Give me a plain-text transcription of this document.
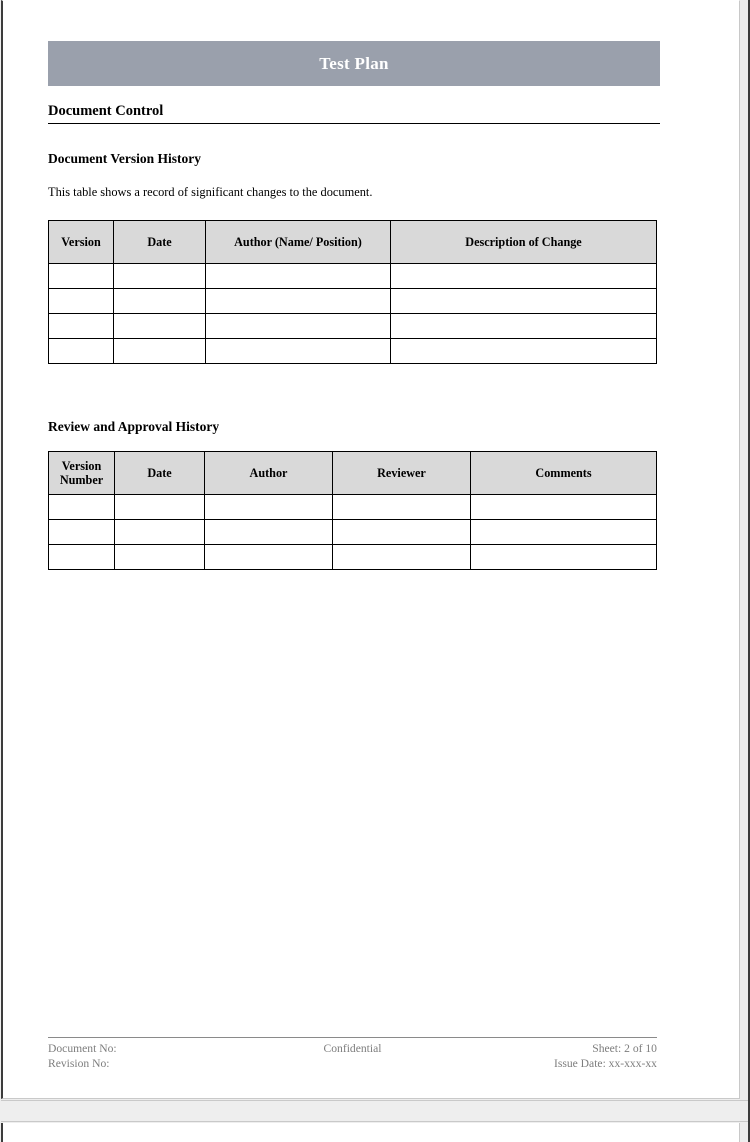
Test Plan
Document Control
Document Version History
This table shows a record of significant changes to the document.
Version	Date	Author (Name/ Position)	Description of Change

Review and Approval History
Version Number	Date	Author	Reviewer	Comments

Document No:	Confidential	Sheet: 2 of 10
Revision No:	Issue Date: xx-xxx-xx
